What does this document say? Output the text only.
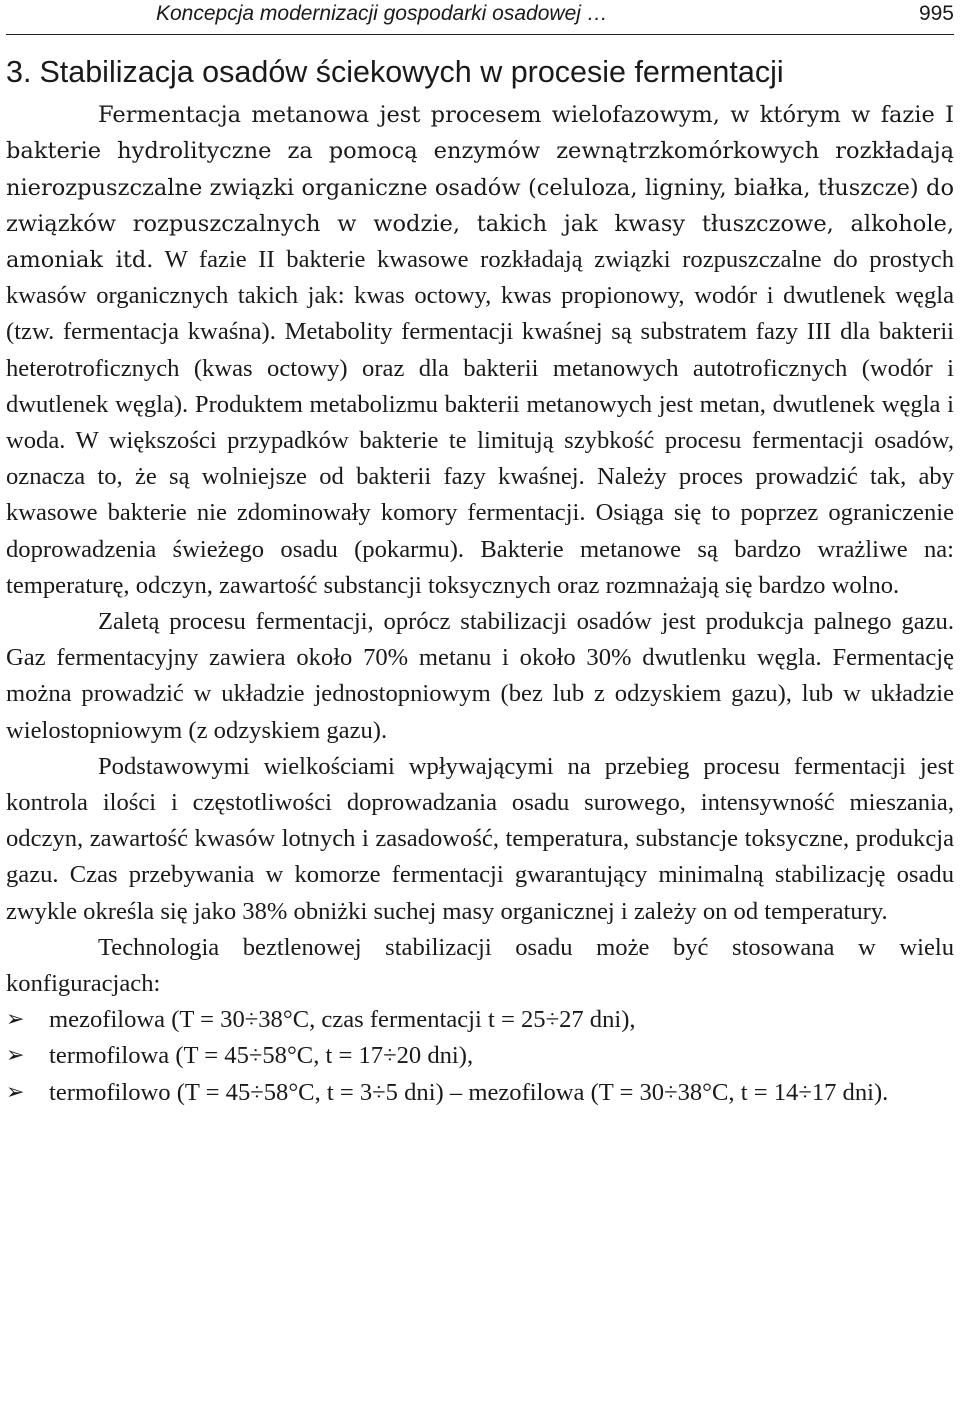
Koncepcja modernizacji gospodarki osadowej …	995
3. Stabilizacja osadów ściekowych w procesie fermentacji

Fermentacja metanowa jest procesem wielofazowym, w którym w fazie I bakterie hydrolityczne za pomocą enzymów zewnątrzkomórkowych rozkładają nierozpuszczalne związki organiczne osadów (celuloza, ligniny, białka, tłuszcze) do związków rozpuszczalnych w wodzie, takich jak kwasy tłuszczowe, alkohole, amoniak itd. W fazie II bakterie kwasowe rozkładają związki rozpuszczalne do prostych kwasów organicznych takich jak: kwas octowy, kwas propionowy, wodór i dwutlenek węgla (tzw. fermentacja kwaśna). Metabolity fermentacji kwaśnej są substratem fazy III dla bakterii heterotroficznych (kwas octowy) oraz dla bakterii metanowych autotroficznych (wodór i dwutlenek węgla). Produktem metabolizmu bakterii metanowych jest metan, dwutlenek węgla i woda. W większości przypadków bakterie te limitują szybkość procesu fermentacji osadów, oznacza to, że są wolniejsze od bakterii fazy kwaśnej. Należy proces prowadzić tak, aby kwasowe bakterie nie zdominowały komory fermentacji. Osiąga się to poprzez ograniczenie doprowadzenia świeżego osadu (pokarmu). Bakterie metanowe są bardzo wrażliwe na: temperaturę, odczyn, zawartość substancji toksycznych oraz rozmnażają się bardzo wolno.

Zaletą procesu fermentacji, oprócz stabilizacji osadów jest produkcja palnego gazu. Gaz fermentacyjny zawiera około 70% metanu i około 30% dwutlenku węgla. Fermentację można prowadzić w układzie jednostopniowym (bez lub z odzyskiem gazu), lub w układzie wielostopniowym (z odzyskiem gazu).

Podstawowymi wielkościami wpływającymi na przebieg procesu fermentacji jest kontrola ilości i częstotliwości doprowadzania osadu surowego, intensywność mieszania, odczyn, zawartość kwasów lotnych i zasadowość, temperatura, substancje toksyczne, produkcja gazu. Czas przebywania w komorze fermentacji gwarantujący minimalną stabilizację osadu zwykle określa się jako 38% obniżki suchej masy organicznej i zależy on od temperatury.

Technologia beztlenowej stabilizacji osadu może być stosowana w wielu konfiguracjach:

➢ mezofilowa (T = 30÷38°C, czas fermentacji t = 25÷27 dni),
➢ termofilowa (T = 45÷58°C, t = 17÷20 dni),
➢ termofilowo (T = 45÷58°C, t = 3÷5 dni) – mezofilowa (T = 30÷38°C, t = 14÷17 dni).
